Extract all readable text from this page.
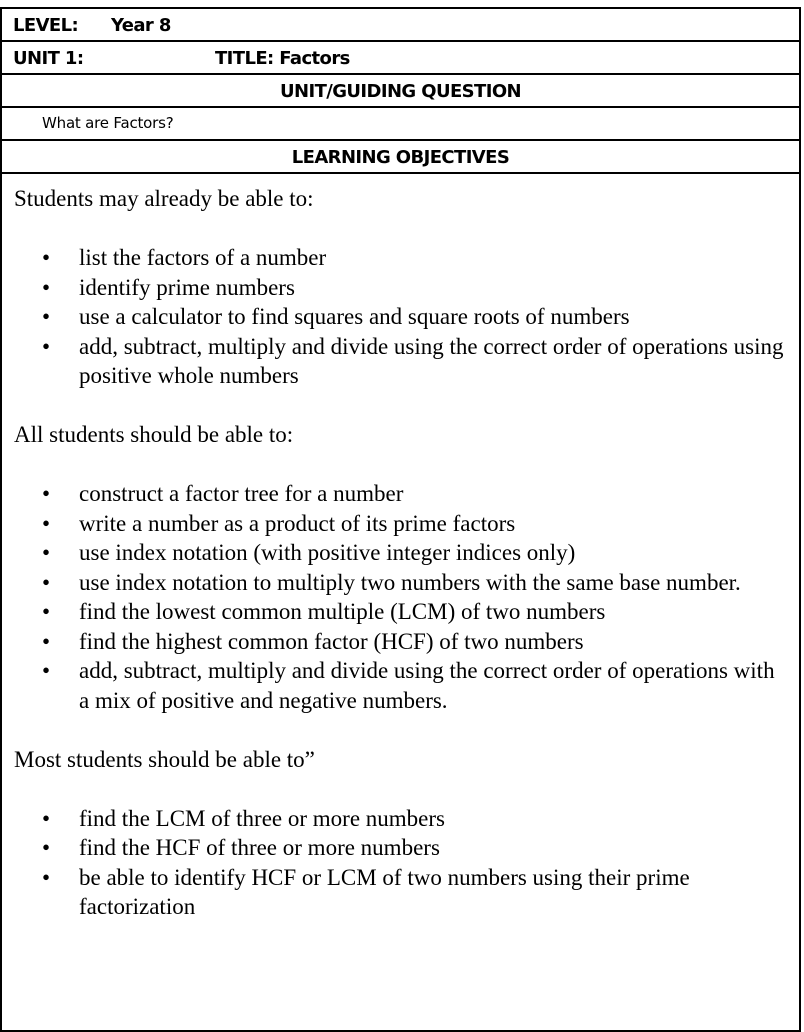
LEVEL: Year 8
UNIT 1:	TITLE: Factors
UNIT/GUIDING QUESTION
What are Factors?
LEARNING OBJECTIVES
Students may already be able to:
• list the factors of a number
• identify prime numbers
• use a calculator to find squares and square roots of numbers
• add, subtract, multiply and divide using the correct order of operations using positive whole numbers
All students should be able to:
• construct a factor tree for a number
• write a number as a product of its prime factors
• use index notation (with positive integer indices only)
• use index notation to multiply two numbers with the same base number.
• find the lowest common multiple (LCM) of two numbers
• find the highest common factor (HCF) of two numbers
• add, subtract, multiply and divide using the correct order of operations with a mix of positive and negative numbers.
Most students should be able to”
• find the LCM of three or more numbers
• find the HCF of three or more numbers
• be able to identify HCF or LCM of two numbers using their prime factorization
